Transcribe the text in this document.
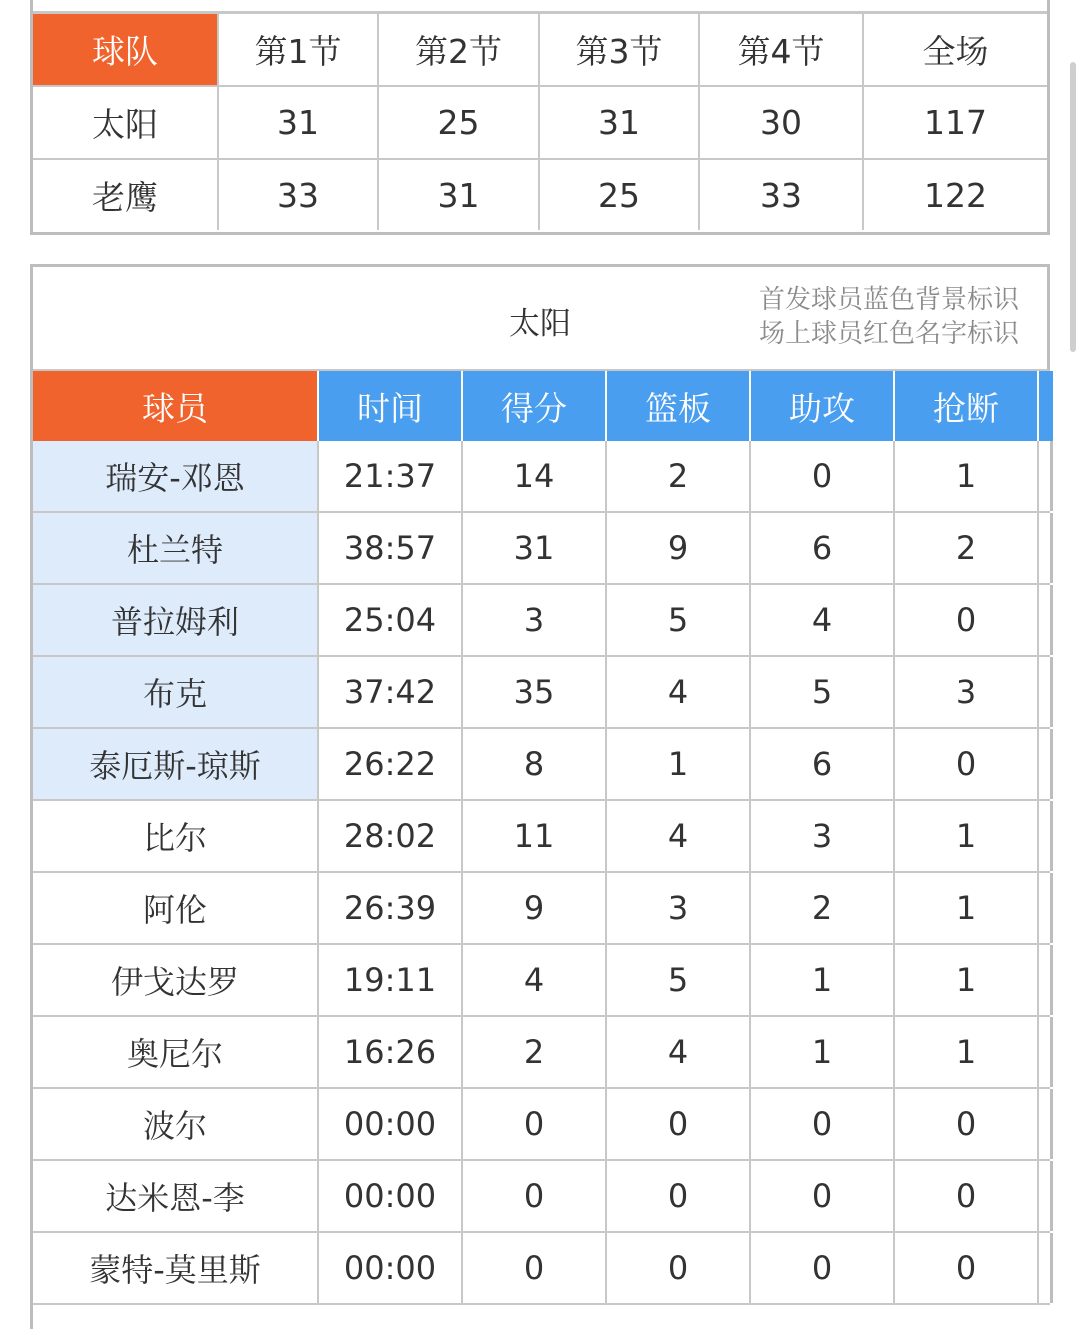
球队	第1节	第2节	第3节	第4节	全场
太阳	31	25	31	30	117
老鹰	33	31	25	33	122
太阳
首发球员蓝色背景标识
场上球员红色名字标识
球员	时间	得分	篮板	助攻	抢断
瑞安-邓恩	21:37	14	2	0	1
杜兰特	38:57	31	9	6	2
普拉姆利	25:04	3	5	4	0
布克	37:42	35	4	5	3
泰厄斯-琼斯	26:22	8	1	6	0
比尔	28:02	11	4	3	1
阿伦	26:39	9	3	2	1
伊戈达罗	19:11	4	5	1	1
奥尼尔	16:26	2	4	1	1
波尔	00:00	0	0	0	0
达米恩-李	00:00	0	0	0	0
蒙特-莫里斯	00:00	0	0	0	0
